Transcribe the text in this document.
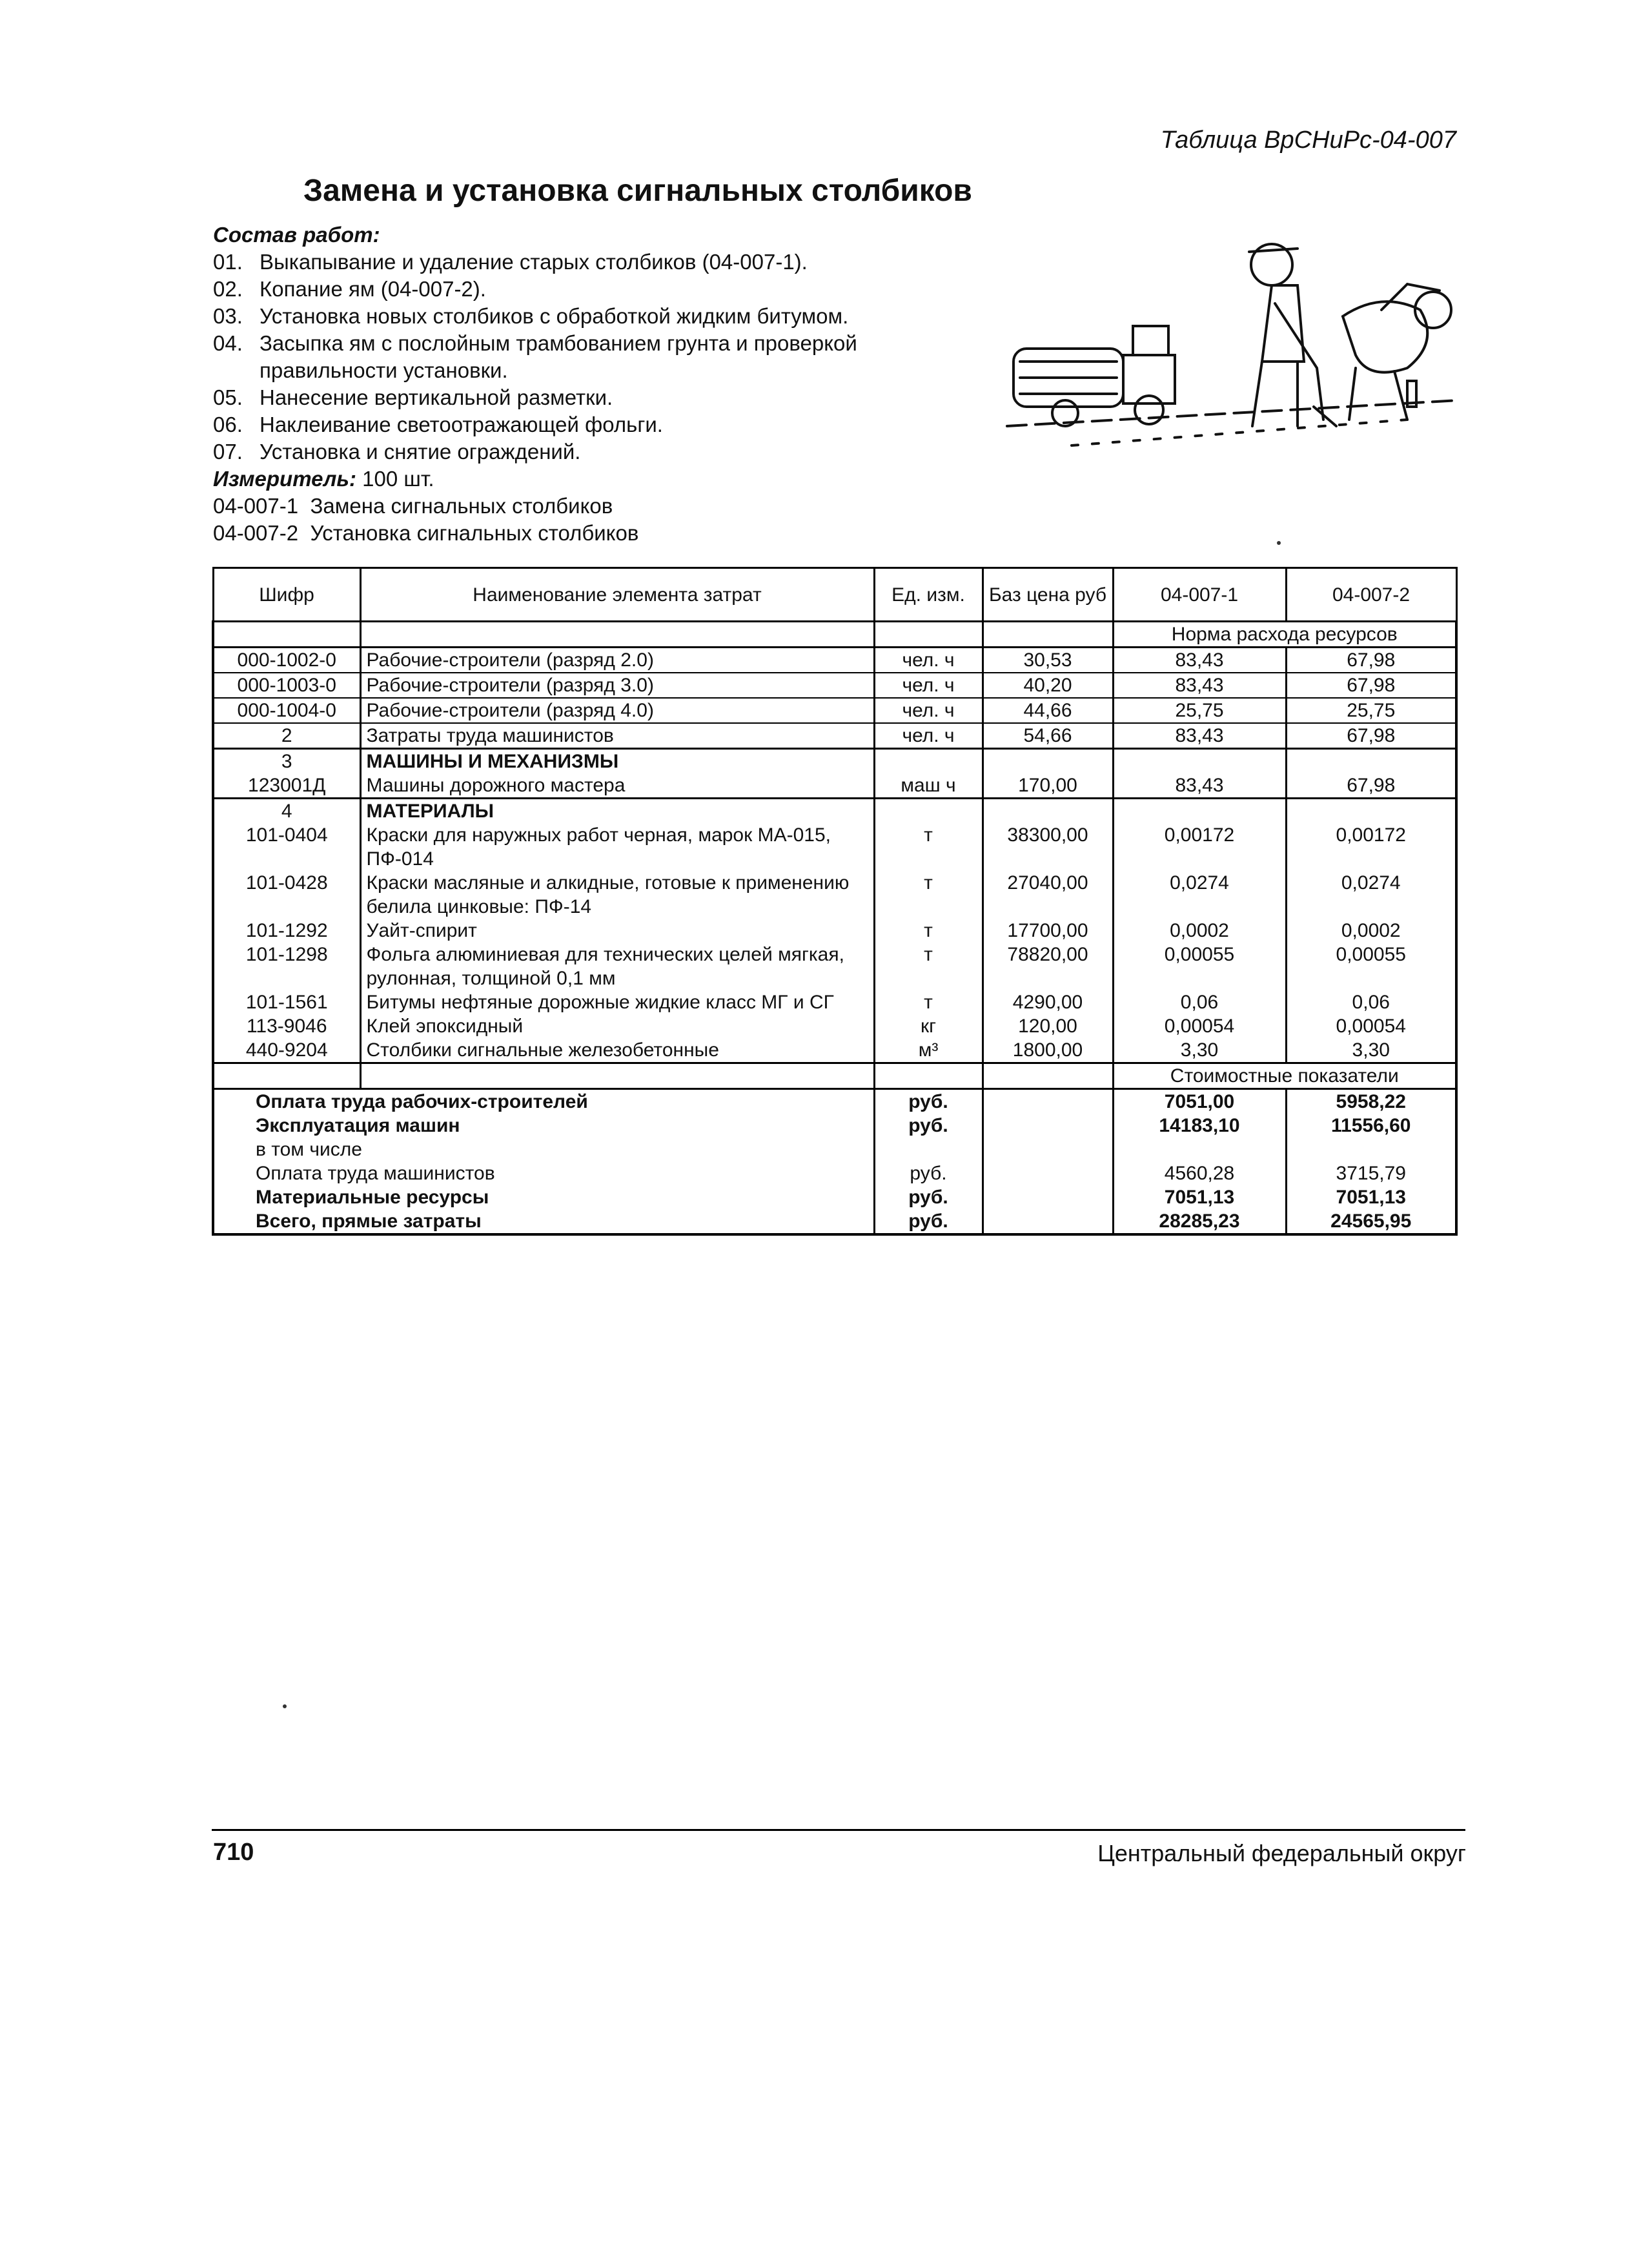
Таблица ВрСНиРс-04-007
Замена и установка сигнальных столбиков
Состав работ:
01. Выкапывание и удаление старых столбиков (04-007-1).
02. Копание ям (04-007-2).
03. Установка новых столбиков с обработкой жидким битумом.
04. Засыпка ям с послойным трамбованием грунта и проверкой правильности установки.
05. Нанесение вертикальной разметки.
06. Наклеивание светоотражающей фольги.
07. Установка и снятие ограждений.
Измеритель: 100 шт.
04-007-1 Замена сигнальных столбиков
04-007-2 Установка сигнальных столбиков
Шифр	Наименование элемента затрат	Ед. изм.	Баз цена руб	04-007-1	04-007-2
				Норма расхода ресурсов	
000-1002-0	Рабочие-строители (разряд 2.0)	чел. ч	30,53	83,43	67,98
000-1003-0	Рабочие-строители (разряд 3.0)	чел. ч	40,20	83,43	67,98
000-1004-0	Рабочие-строители (разряд 4.0)	чел. ч	44,66	25,75	25,75
2	Затраты труда машинистов	чел. ч	54,66	83,43	67,98
3	МАШИНЫ И МЕХАНИЗМЫ				
123001Д	Машины дорожного мастера	маш ч	170,00	83,43	67,98
4	МАТЕРИАЛЫ				
101-0404	Краски для наружных работ черная, марок МА-015, ПФ-014	т	38300,00	0,00172	0,00172
101-0428	Краски масляные и алкидные, готовые к применению белила цинковые: ПФ-14	т	27040,00	0,0274	0,0274
101-1292	Уайт-спирит	т	17700,00	0,0002	0,0002
101-1298	Фольга алюминиевая для технических целей мягкая, рулонная, толщиной 0,1 мм	т	78820,00	0,00055	0,00055
101-1561	Битумы нефтяные дорожные жидкие класс МГ и СГ	т	4290,00	0,06	0,06
113-9046	Клей эпоксидный	кг	120,00	0,00054	0,00054
440-9204	Столбики сигнальные железобетонные	м³	1800,00	3,30	3,30
				Стоимостные показатели	
Оплата труда рабочих-строителей		руб.		7051,00	5958,22
Эксплуатация машин		руб.		14183,10	11556,60
в том числе					
Оплата труда машинистов		руб.		4560,28	3715,79
Материальные ресурсы		руб.		7051,13	7051,13
Всего, прямые затраты		руб.		28285,23	24565,95
710	Центральный федеральный округ
